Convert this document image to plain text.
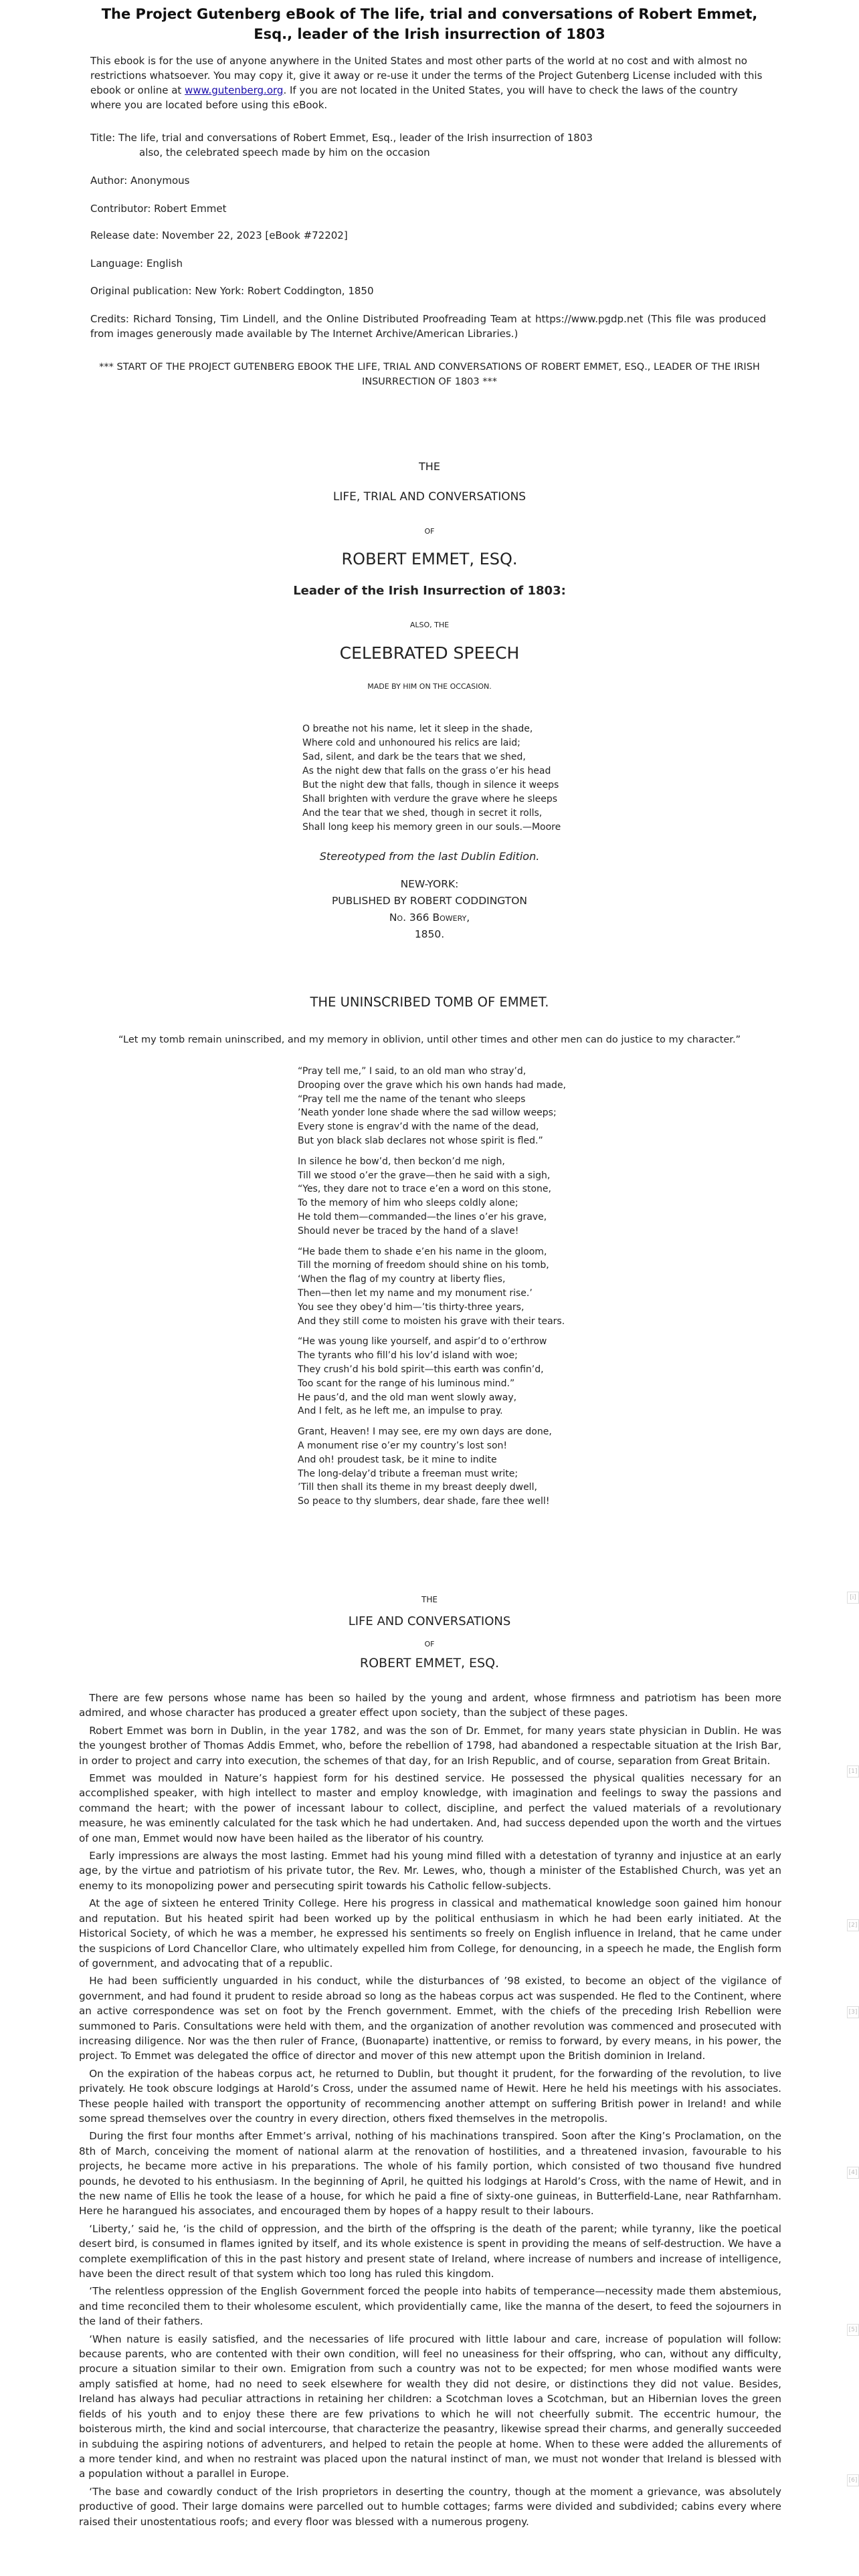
The Project Gutenberg eBook of The life, trial and conversations of Robert Emmet, Esq., leader of the Irish insurrection of 1803

This ebook is for the use of anyone anywhere in the United States and most other parts of the world at no cost and with almost no restrictions whatsoever. You may copy it, give it away or re-use it under the terms of the Project Gutenberg License included with this ebook or online at www.gutenberg.org. If you are not located in the United States, you will have to check the laws of the country where you are located before using this eBook.

Title: The life, trial and conversations of Robert Emmet, Esq., leader of the Irish insurrection of 1803
also, the celebrated speech made by him on the occasion
Author: Anonymous
Contributor: Robert Emmet
Release date: November 22, 2023 [eBook #72202]
Language: English
Original publication: New York: Robert Coddington, 1850
Credits: Richard Tonsing, Tim Lindell, and the Online Distributed Proofreading Team at https://www.pgdp.net (This file was produced from images generously made available by The Internet Archive/American Libraries.)
*** START OF THE PROJECT GUTENBERG EBOOK THE LIFE, TRIAL AND CONVERSATIONS OF ROBERT EMMET, ESQ., LEADER OF THE IRISH INSURRECTION OF 1803 ***
THE
LIFE, TRIAL AND CONVERSATIONS
OF
ROBERT EMMET, ESQ.
Leader of the Irish Insurrection of 1803:
ALSO, THE
CELEBRATED SPEECH
MADE BY HIM ON THE OCCASION.
O breathe not his name, let it sleep in the shade,
Where cold and unhonoured his relics are laid;
Sad, silent, and dark be the tears that we shed,
As the night dew that falls on the grass o’er his head
But the night dew that falls, though in silence it weeps
Shall brighten with verdure the grave where he sleeps
And the tear that we shed, though in secret it rolls,
Shall long keep his memory green in our souls.—Moore
Stereotyped from the last Dublin Edition.
NEW-YORK:
PUBLISHED BY ROBERT CODDINGTON
No. 366 Bowery,
1850.
THE UNINSCRIBED TOMB OF EMMET.
“Let my tomb remain uninscribed, and my memory in oblivion, until other times and other men can do justice to my character.”
“Pray tell me,” I said, to an old man who stray’d,
Drooping over the grave which his own hands had made,
“Pray tell me the name of the tenant who sleeps
’Neath yonder lone shade where the sad willow weeps;
Every stone is engrav’d with the name of the dead,
But yon black slab declares not whose spirit is fled.”
In silence he bow’d, then beckon’d me nigh,
Till we stood o’er the grave—then he said with a sigh,
“Yes, they dare not to trace e’en a word on this stone,
To the memory of him who sleeps coldly alone;
He told them—commanded—the lines o’er his grave,
Should never be traced by the hand of a slave!
“He bade them to shade e’en his name in the gloom,
Till the morning of freedom should shine on his tomb,
‘When the flag of my country at liberty flies,
Then—then let my name and my monument rise.’
You see they obey’d him—’tis thirty-three years,
And they still come to moisten his grave with their tears.
“He was young like yourself, and aspir’d to o’erthrow
The tyrants who fill’d his lov’d island with woe;
They crush’d his bold spirit—this earth was confin’d,
Too scant for the range of his luminous mind.”
He paus’d, and the old man went slowly away,
And I felt, as he left me, an impulse to pray.
Grant, Heaven! I may see, ere my own days are done,
A monument rise o’er my country’s lost son!
And oh! proudest task, be it mine to indite
The long-delay’d tribute a freeman must write;
’Till then shall its theme in my breast deeply dwell,
So peace to thy slumbers, dear shade, fare thee well!
THE
LIFE AND CONVERSATIONS
OF
ROBERT EMMET, ESQ.

There are few persons whose name has been so hailed by the young and ardent, whose firmness and patriotism has been more admired, and whose character has produced a greater effect upon society, than the subject of these pages.

Robert Emmet was born in Dublin, in the year 1782, and was the son of Dr. Emmet, for many years state physician in Dublin. He was the youngest brother of Thomas Addis Emmet, who, before the rebellion of 1798, had abandoned a respectable situation at the Irish Bar, in order to project and carry into execution, the schemes of that day, for an Irish Republic, and of course, separation from Great Britain.

Emmet was moulded in Nature’s happiest form for his destined service. He possessed the physical qualities necessary for an accomplished speaker, with high intellect to master and employ knowledge, with imagination and feelings to sway the passions and command the heart; with the power of incessant labour to collect, discipline, and perfect the valued materials of a revolutionary measure, he was eminently calculated for the task which he had undertaken. And, had success depended upon the worth and the virtues of one man, Emmet would now have been hailed as the liberator of his country.

Early impressions are always the most lasting. Emmet had his young mind filled with a detestation of tyranny and injustice at an early age, by the virtue and patriotism of his private tutor, the Rev. Mr. Lewes, who, though a minister of the Established Church, was yet an enemy to its monopolizing power and persecuting spirit towards his Catholic fellow-subjects.

At the age of sixteen he entered Trinity College. Here his progress in classical and mathematical knowledge soon gained him honour and reputation. But his heated spirit had been worked up by the political enthusiasm in which he had been early initiated. At the Historical Society, of which he was a member, he expressed his sentiments so freely on English influence in Ireland, that he came under the suspicions of Lord Chancellor Clare, who ultimately expelled him from College, for denouncing, in a speech he made, the English form of government, and advocating that of a republic.

He had been sufficiently unguarded in his conduct, while the disturbances of ’98 existed, to become an object of the vigilance of government, and had found it prudent to reside abroad so long as the habeas corpus act was suspended. He fled to the Continent, where an active correspondence was set on foot by the French government. Emmet, with the chiefs of the preceding Irish Rebellion were summoned to Paris. Consultations were held with them, and the organization of another revolution was commenced and prosecuted with increasing diligence. Nor was the then ruler of France, (Buonaparte) inattentive, or remiss to forward, by every means, in his power, the project. To Emmet was delegated the office of director and mover of this new attempt upon the British dominion in Ireland.

On the expiration of the habeas corpus act, he returned to Dublin, but thought it prudent, for the forwarding of the revolution, to live privately. He took obscure lodgings at Harold’s Cross, under the assumed name of Hewit. Here he held his meetings with his associates. These people hailed with transport the opportunity of recommencing another attempt on suffering British power in Ireland! and while some spread themselves over the country in every direction, others fixed themselves in the metropolis.

During the first four months after Emmet’s arrival, nothing of his machinations transpired. Soon after the King’s Proclamation, on the 8th of March, conceiving the moment of national alarm at the renovation of hostilities, and a threatened invasion, favourable to his projects, he became more active in his preparations. The whole of his family portion, which consisted of two thousand five hundred pounds, he devoted to his enthusiasm. In the beginning of April, he quitted his lodgings at Harold’s Cross, with the name of Hewit, and in the new name of Ellis he took the lease of a house, for which he paid a fine of sixty-one guineas, in Butterfield-Lane, near Rathfarnham. Here he harangued his associates, and encouraged them by hopes of a happy result to their labours.

‘Liberty,’ said he, ‘is the child of oppression, and the birth of the offspring is the death of the parent; while tyranny, like the poetical desert bird, is consumed in flames ignited by itself, and its whole existence is spent in providing the means of self-destruction. We have a complete exemplification of this in the past history and present state of Ireland, where increase of numbers and increase of intelligence, have been the direct result of that system which too long has ruled this kingdom.

‘The relentless oppression of the English Government forced the people into habits of temperance—necessity made them abstemious, and time reconciled them to their wholesome esculent, which providentially came, like the manna of the desert, to feed the sojourners in the land of their fathers.

‘When nature is easily satisfied, and the necessaries of life procured with little labour and care, increase of population will follow: because parents, who are contented with their own condition, will feel no uneasiness for their offspring, who can, without any difficulty, procure a situation similar to their own. Emigration from such a country was not to be expected; for men whose modified wants were amply satisfied at home, had no need to seek elsewhere for wealth they did not desire, or distinctions they did not value. Besides, Ireland has always had peculiar attractions in retaining her children: a Scotchman loves a Scotchman, but an Hibernian loves the green fields of his youth and to enjoy these there are few privations to which he will not cheerfully submit. The eccentric humour, the boisterous mirth, the kind and social intercourse, that characterize the peasantry, likewise spread their charms, and generally succeeded in subduing the aspiring notions of adventurers, and helped to retain the people at home. When to these were added the allurements of a more tender kind, and when no restraint was placed upon the natural instinct of man, we must not wonder that Ireland is blessed with a population without a parallel in Europe.

‘The base and cowardly conduct of the Irish proprietors in deserting the country, though at the moment a grievance, was absolutely productive of good. Their large domains were parcelled out to humble cottages; farms were divided and subdivided; cabins every where raised their unostentatious roofs; and every floor was blessed with a numerous progeny.

[i]
[1]
[2]
[3]
[4]
[5]
[6]
